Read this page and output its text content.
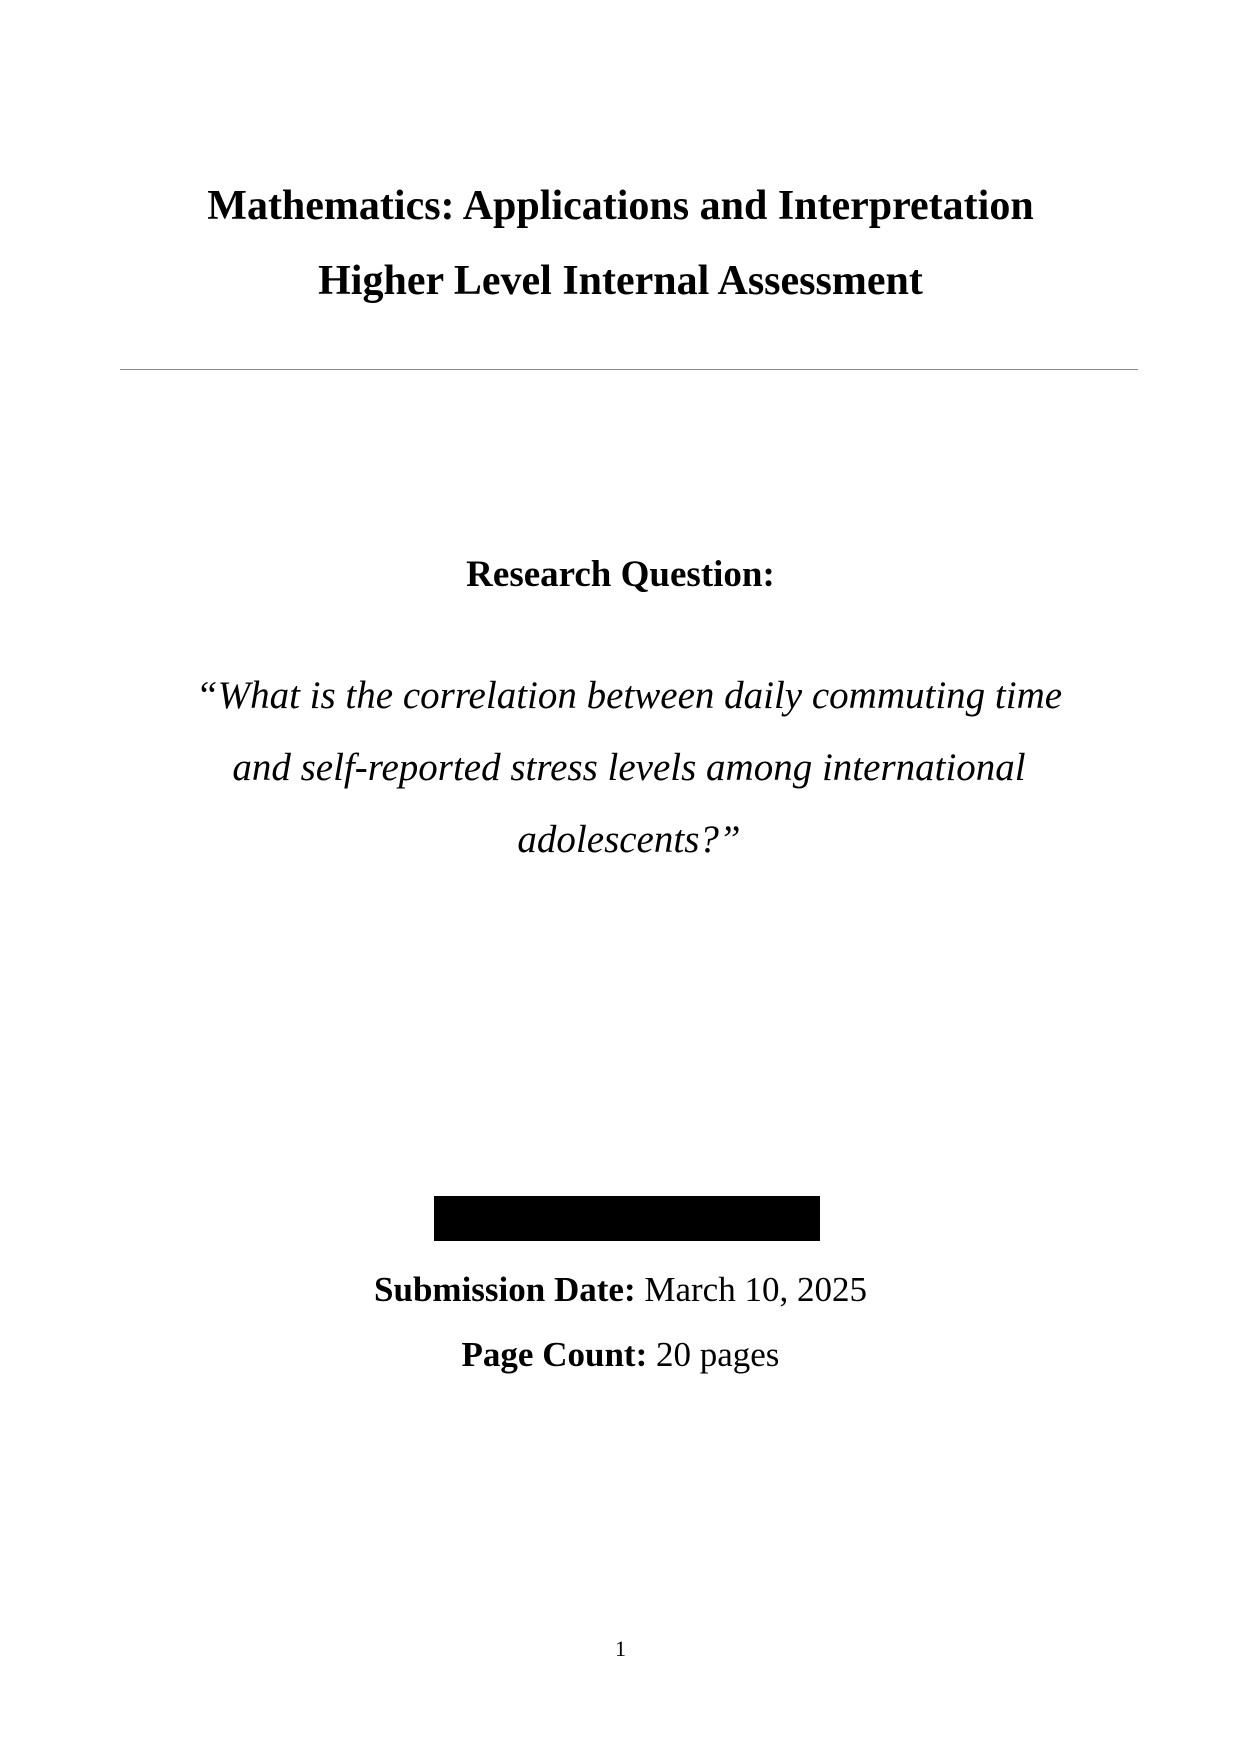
Mathematics: Applications and Interpretation
Higher Level Internal Assessment
Research Question:
“What is the correlation between daily commuting time
and self-reported stress levels among international
adolescents?”
Submission Date: March 10, 2025
Page Count: 20 pages
1
